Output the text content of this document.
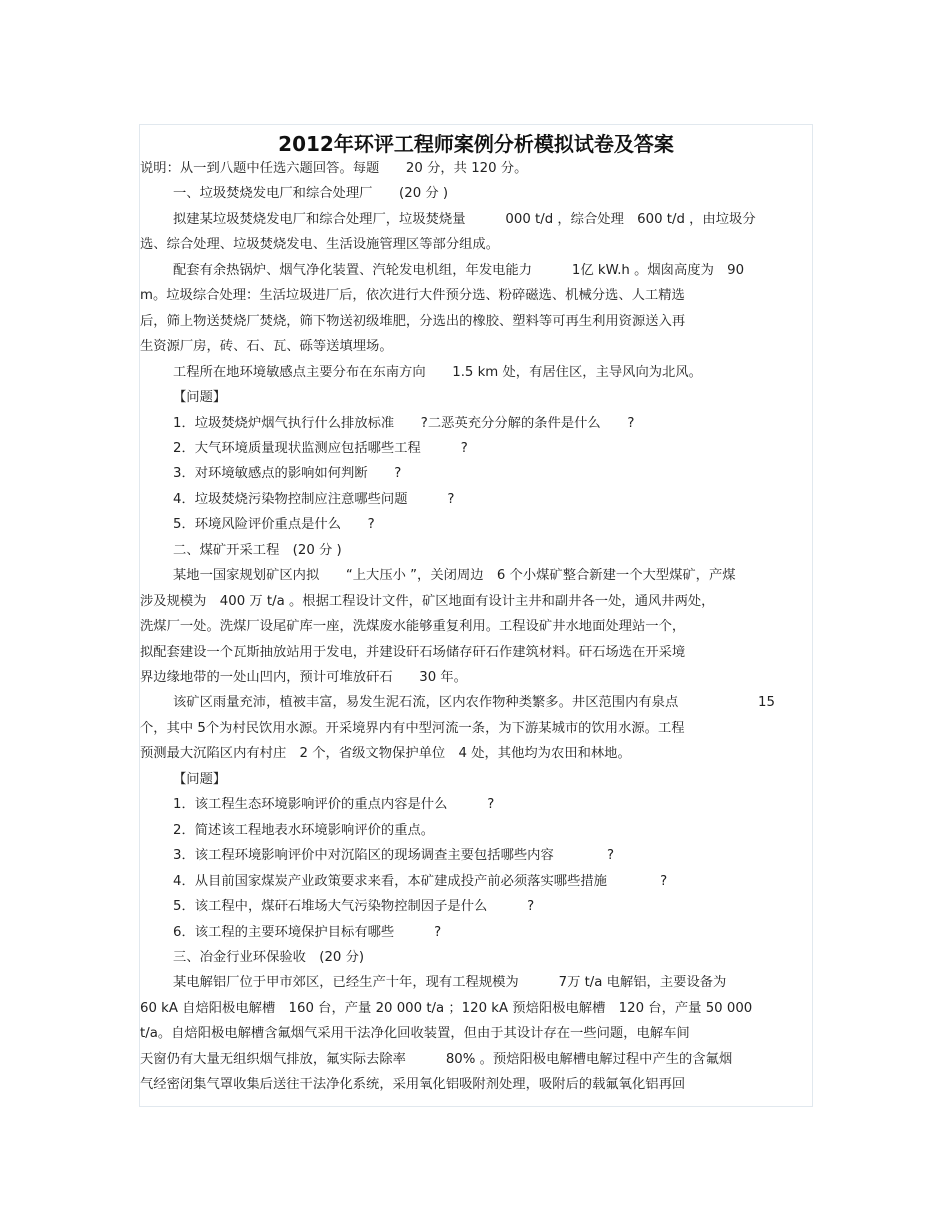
2012年环评工程师案例分析模拟试卷及答案
说明：从一到八题中任选六题回答。每题　　20 分，共 120 分。
一、垃圾焚烧发电厂和综合处理厂　　(20 分 )
拟建某垃圾焚烧发电厂和综合处理厂，垃圾焚烧量　　　000 t/d ，综合处理　600 t/d ，由垃圾分
选、综合处理、垃圾焚烧发电、生活设施管理区等部分组成。
配套有余热锅炉、烟气净化装置、汽轮发电机组，年发电能力　　　1亿 kW.h 。烟囱高度为　90
m。垃圾综合处理：生活垃圾进厂后，依次进行大件预分选、粉碎磁选、机械分选、人工精选
后，筛上物送焚烧厂焚烧，筛下物送初级堆肥，分选出的橡胶、塑料等可再生利用资源送入再
生资源厂房，砖、石、瓦、砾等送填埋场。
工程所在地环境敏感点主要分布在东南方向　　1.5 km 处，有居住区，主导风向为北风。
【问题】
1．垃圾焚烧炉烟气执行什么排放标准　　?二恶英充分分解的条件是什么　　?
2．大气环境质量现状监测应包括哪些工程　　　?
3．对环境敏感点的影响如何判断　　?
4．垃圾焚烧污染物控制应注意哪些问题　　　?
5．环境风险评价重点是什么　　?
二、煤矿开采工程　(20 分 )
某地一国家规划矿区内拟　　“上大压小 ”，关闭周边　6 个小煤矿整合新建一个大型煤矿，产煤
涉及规模为　400 万 t/a 。根据工程设计文件，矿区地面有设计主井和副井各一处，通风井两处，
洗煤厂一处。洗煤厂设尾矿库一座，洗煤废水能够重复利用。工程设矿井水地面处理站一个，
拟配套建设一个瓦斯抽放站用于发电，并建设矸石场储存矸石作建筑材料。矸石场选在开采境
界边缘地带的一处山凹内，预计可堆放矸石　　30 年。
该矿区雨量充沛，植被丰富，易发生泥石流，区内农作物种类繁多。井区范围内有泉点　　　　　　15
个，其中 5个为村民饮用水源。开采境界内有中型河流一条，为下游某城市的饮用水源。工程
预测最大沉陷区内有村庄　2 个，省级文物保护单位　4 处，其他均为农田和林地。
【问题】
1．该工程生态环境影响评价的重点内容是什么　　　?
2．简述该工程地表水环境影响评价的重点。
3．该工程环境影响评价中对沉陷区的现场调查主要包括哪些内容　　　　?
4．从目前国家煤炭产业政策要求来看，本矿建成投产前必须落实哪些措施　　　　?
5．该工程中，煤矸石堆场大气污染物控制因子是什么　　　?
6．该工程的主要环境保护目标有哪些　　　?
三、冶金行业环保验收　(20 分)
某电解铝厂位于甲市郊区，已经生产十年，现有工程规模为　　　7万 t/a 电解铝，主要设备为
60 kA 自焙阳极电解槽　160 台，产量 20 000 t/a ；120 kA 预焙阳极电解槽　120 台，产量 50 000
t/a。自焙阳极电解槽含氟烟气采用干法净化回收装置，但由于其设计存在一些问题，电解车间
天窗仍有大量无组织烟气排放，氟实际去除率　　　80% 。预焙阳极电解槽电解过程中产生的含氟烟
气经密闭集气罩收集后送往干法净化系统，采用氧化铝吸附剂处理，吸附后的载氟氧化铝再回
